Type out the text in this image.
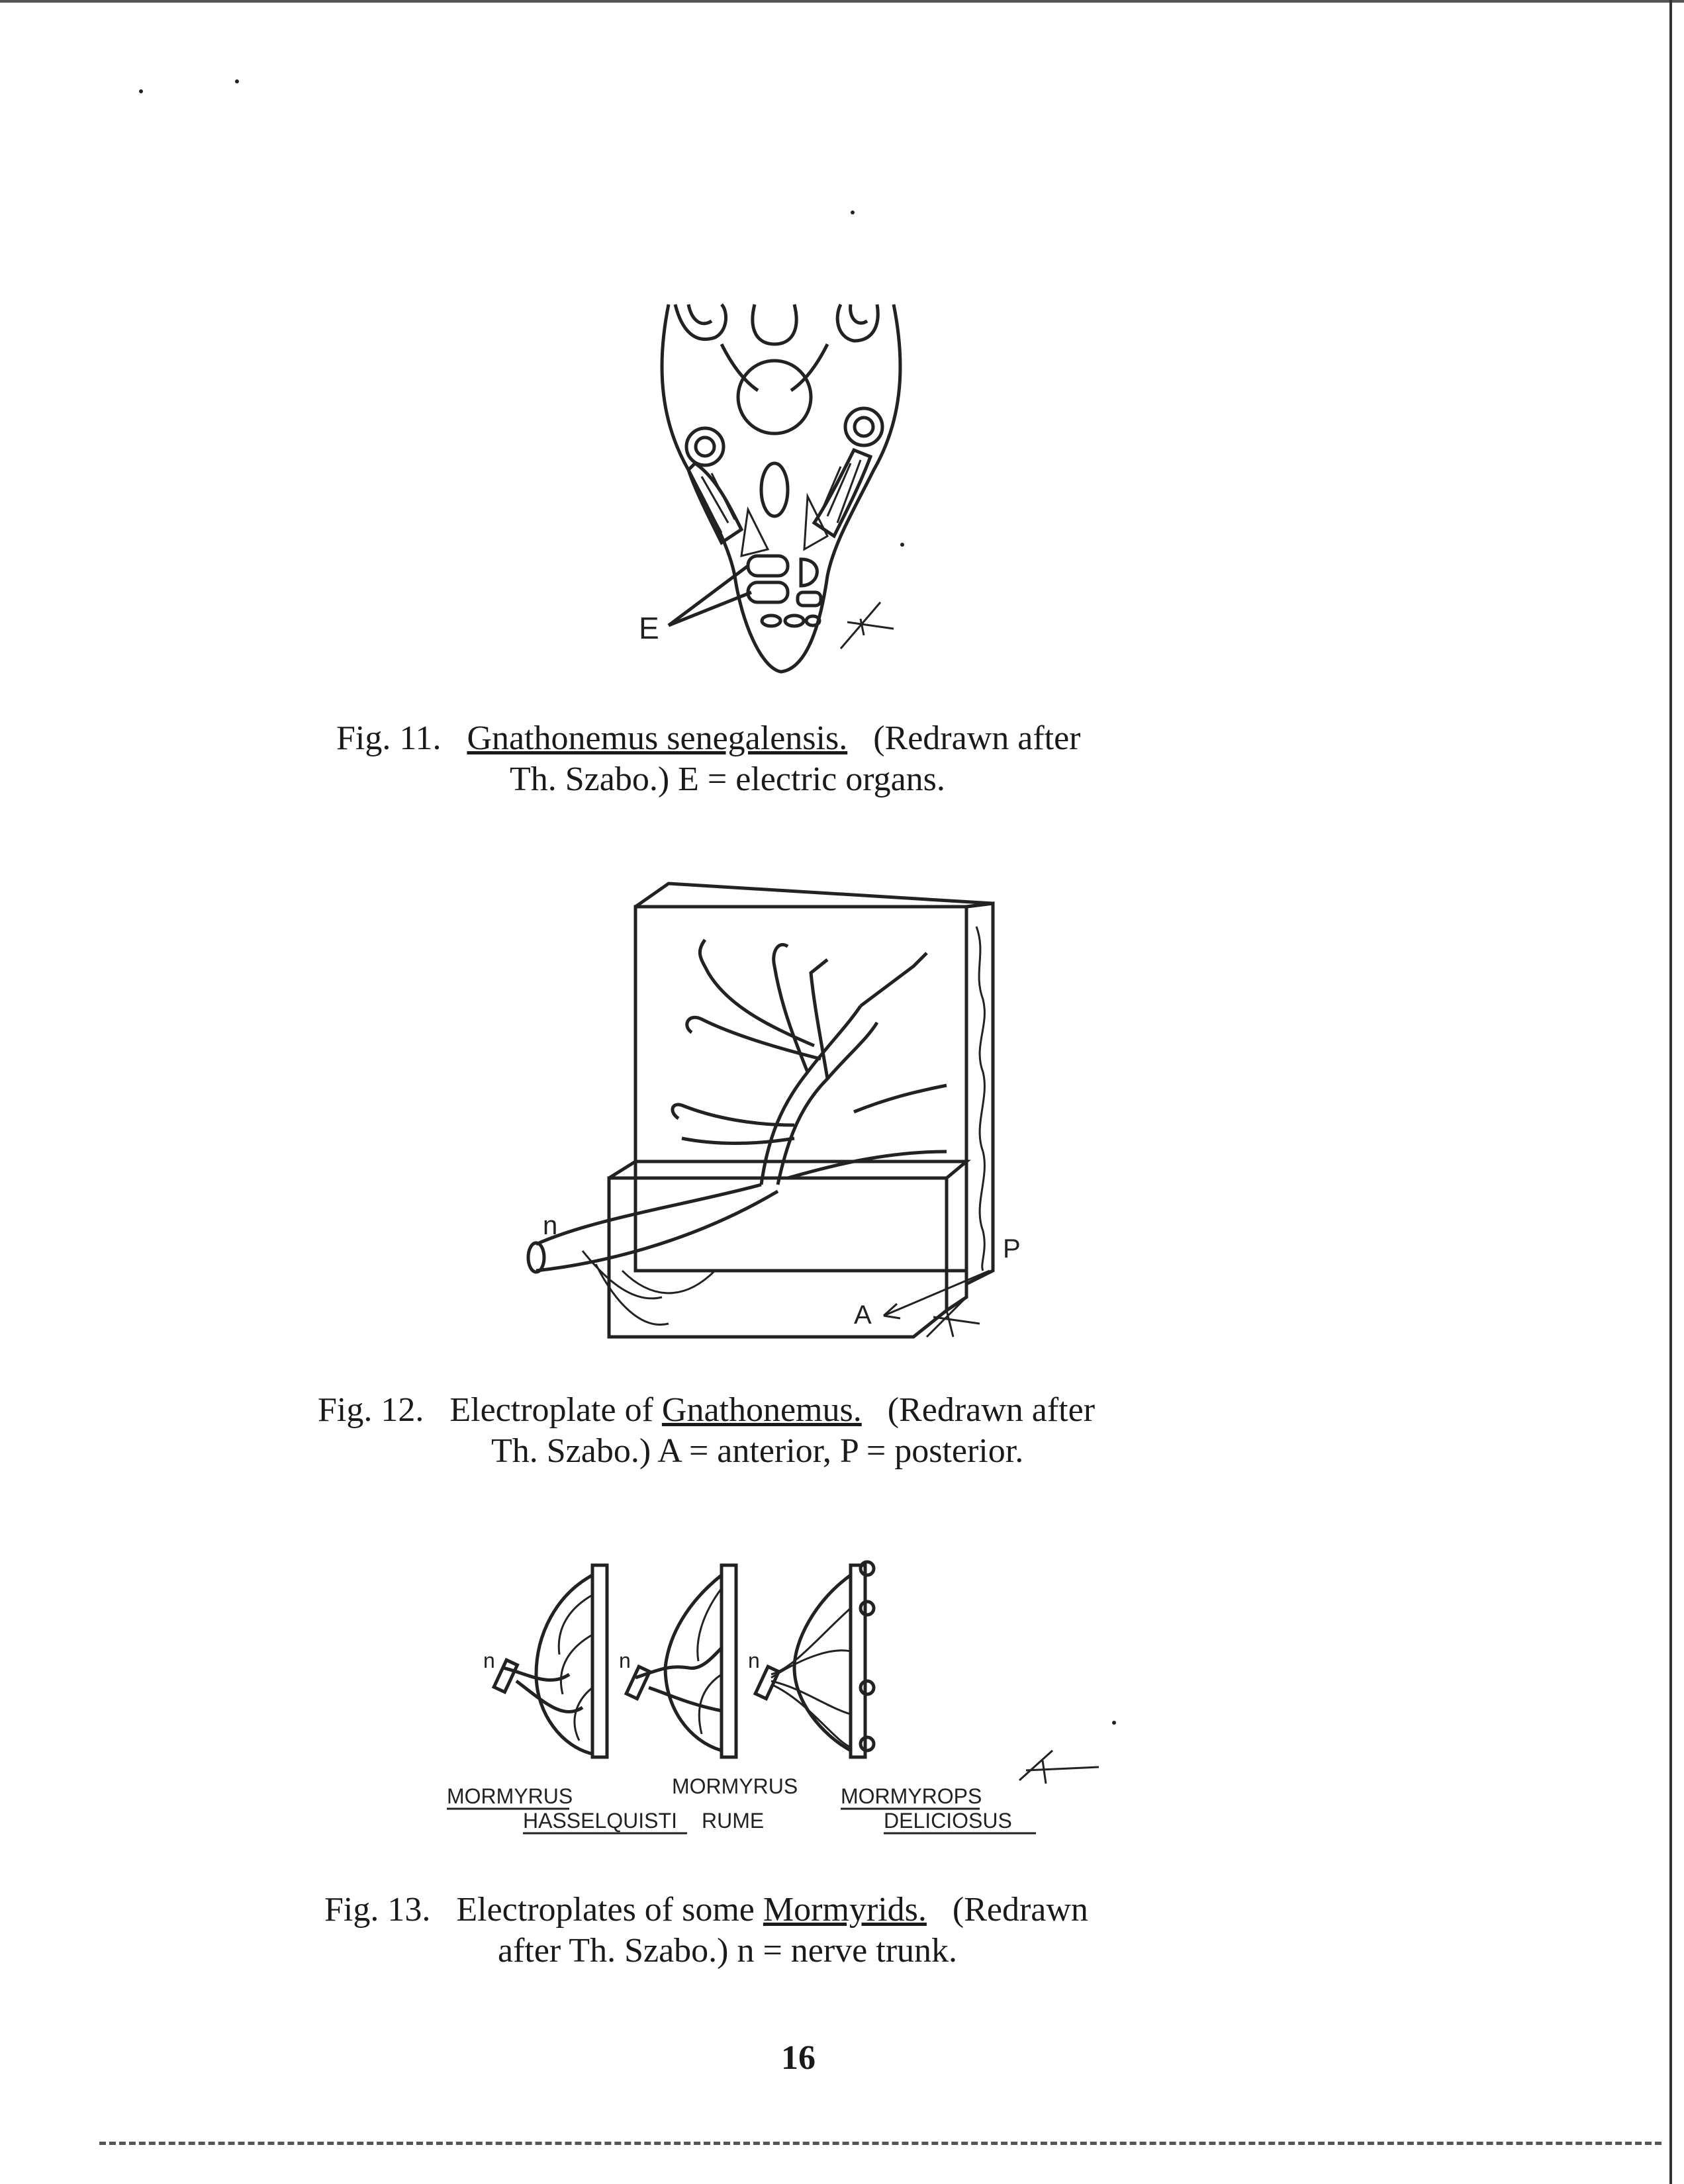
E
Fig. 11. Gnathonemus senegalensis. (Redrawn after
Th. Szabo.) E = electric organs.
n
A
P
Fig. 12. Electroplate of Gnathonemus. (Redrawn after
Th. Szabo.) A = anterior, P = posterior.
n	n	n
MORMYRUS
HASSELQUISTI
MORMYRUS
RUME
MORMYROPS
DELICIOSUS
Fig. 13. Electroplates of some Mormyrids. (Redrawn
after Th. Szabo.) n = nerve trunk.
16
